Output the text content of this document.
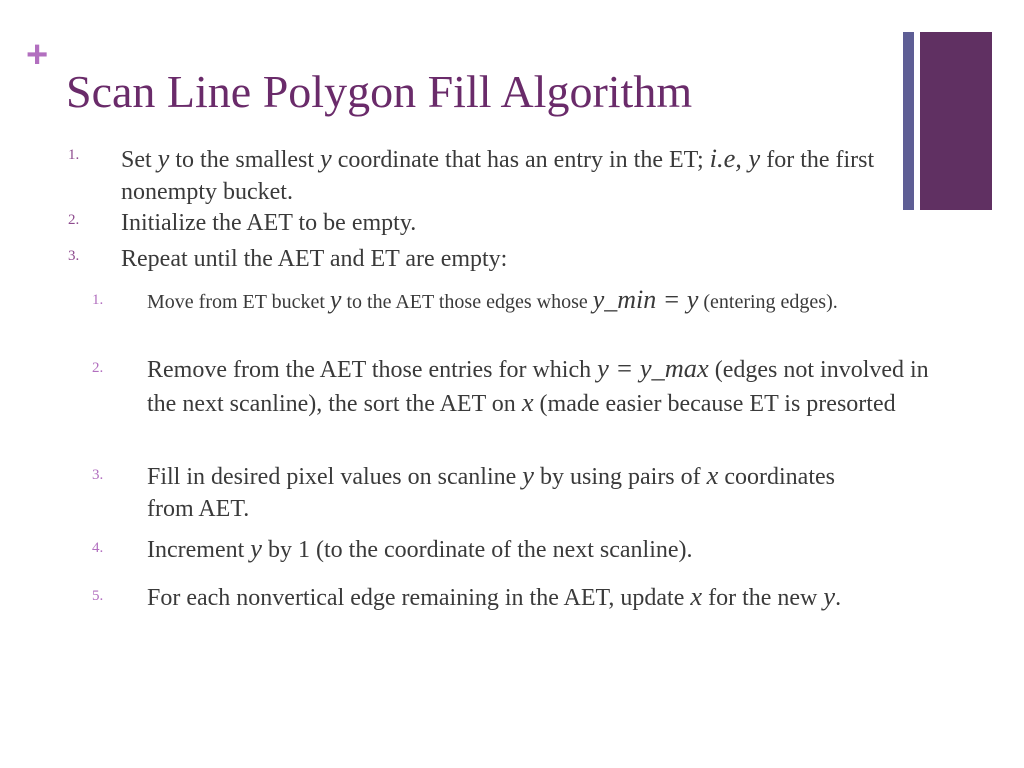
+
Scan Line Polygon Fill Algorithm
1. Set y to the smallest y coordinate that has an entry in the ET; i.e, y for the first nonempty bucket.
2. Initialize the AET to be empty.
3. Repeat until the AET and ET are empty:
1. Move from ET bucket y to the AET those edges whose y_min = y (entering edges).
2. Remove from the AET those entries for which y = y_max (edges not involved in the next scanline), the sort the AET on x (made easier because ET is presorted
3. Fill in desired pixel values on scanline y by using pairs of x coordinates from AET.
4. Increment y by 1 (to the coordinate of the next scanline).
5. For each nonvertical edge remaining in the AET, update x for the new y.
